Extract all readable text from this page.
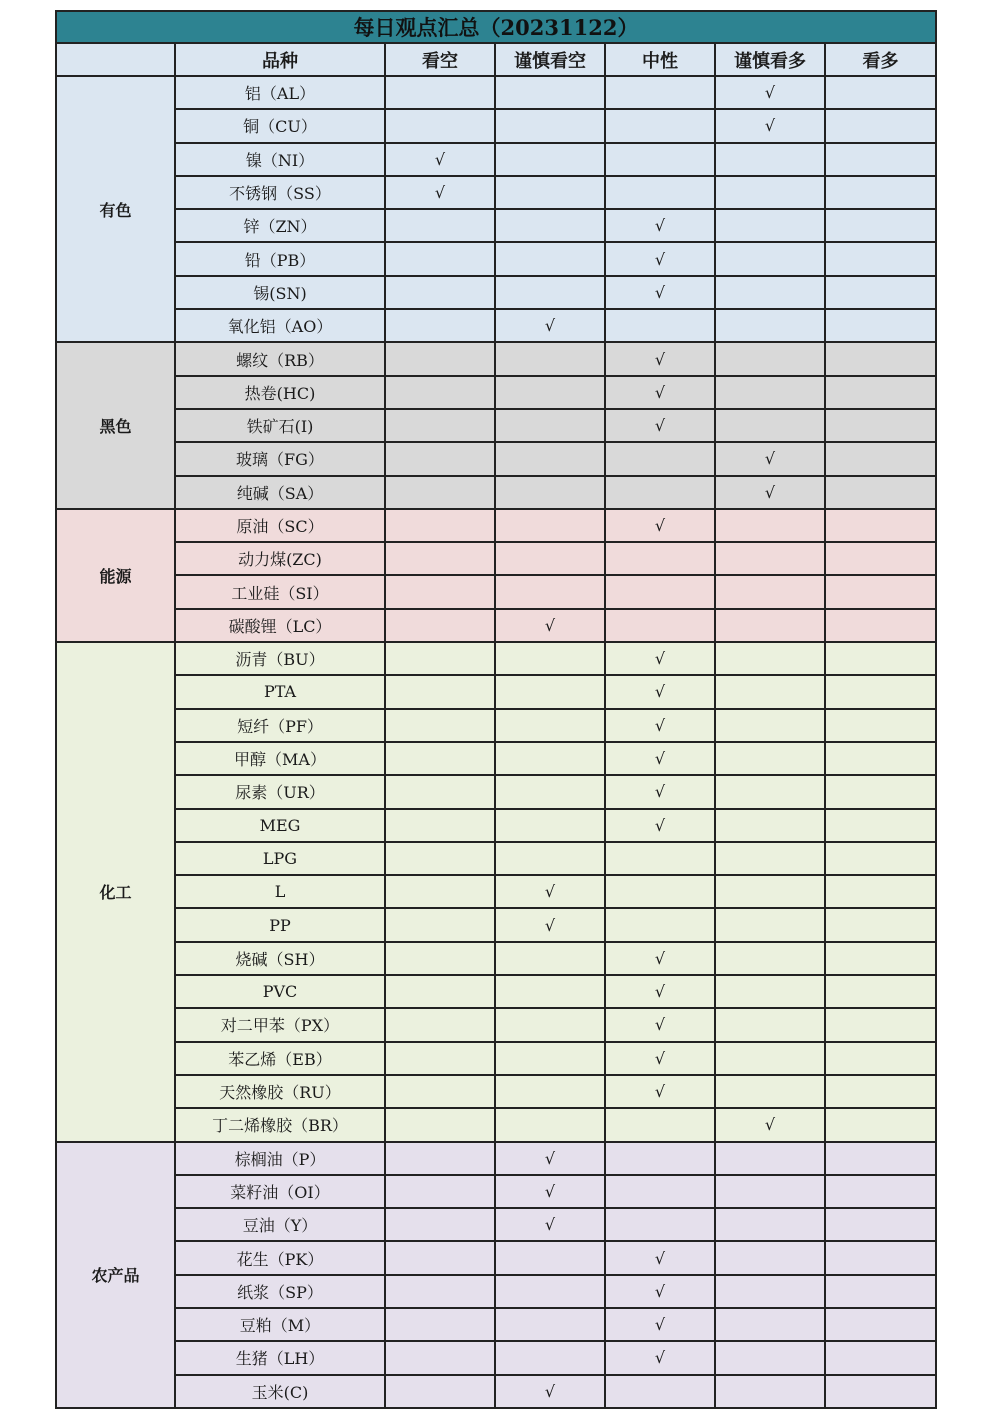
每日观点汇总（20231122）						
	品种	看空	谨慎看空	中性	谨慎看多	看多
有色	铝（AL）				√	
	铜（CU）				√	
	镍（NI）	√				
	不锈钢（SS）	√				
	锌（ZN）			√		
	铅（PB）			√		
	锡(SN)			√		
	氧化铝（AO）		√			
黑色	螺纹（RB）			√		
	热卷(HC)			√		
	铁矿石(I)			√		
	玻璃（FG）				√	
	纯碱（SA）				√	
能源	原油（SC）			√		
	动力煤(ZC)					
	工业硅（SI）					
	碳酸锂（LC）		√			
化工	沥青（BU）			√		
	PTA			√		
	短纤（PF）			√		
	甲醇（MA）			√		
	尿素（UR）			√		
	MEG			√		
	LPG					
	L		√			
	PP		√			
	烧碱（SH）			√		
	PVC			√		
	对二甲苯（PX）			√		
	苯乙烯（EB）			√		
	天然橡胶（RU）			√		
	丁二烯橡胶（BR）				√	
农产品	棕榈油（P）		√			
	菜籽油（OI）		√			
	豆油（Y）		√			
	花生（PK）			√		
	纸浆（SP）			√		
	豆粕（M）			√		
	生猪（LH）			√		
	玉米(C)		√			
